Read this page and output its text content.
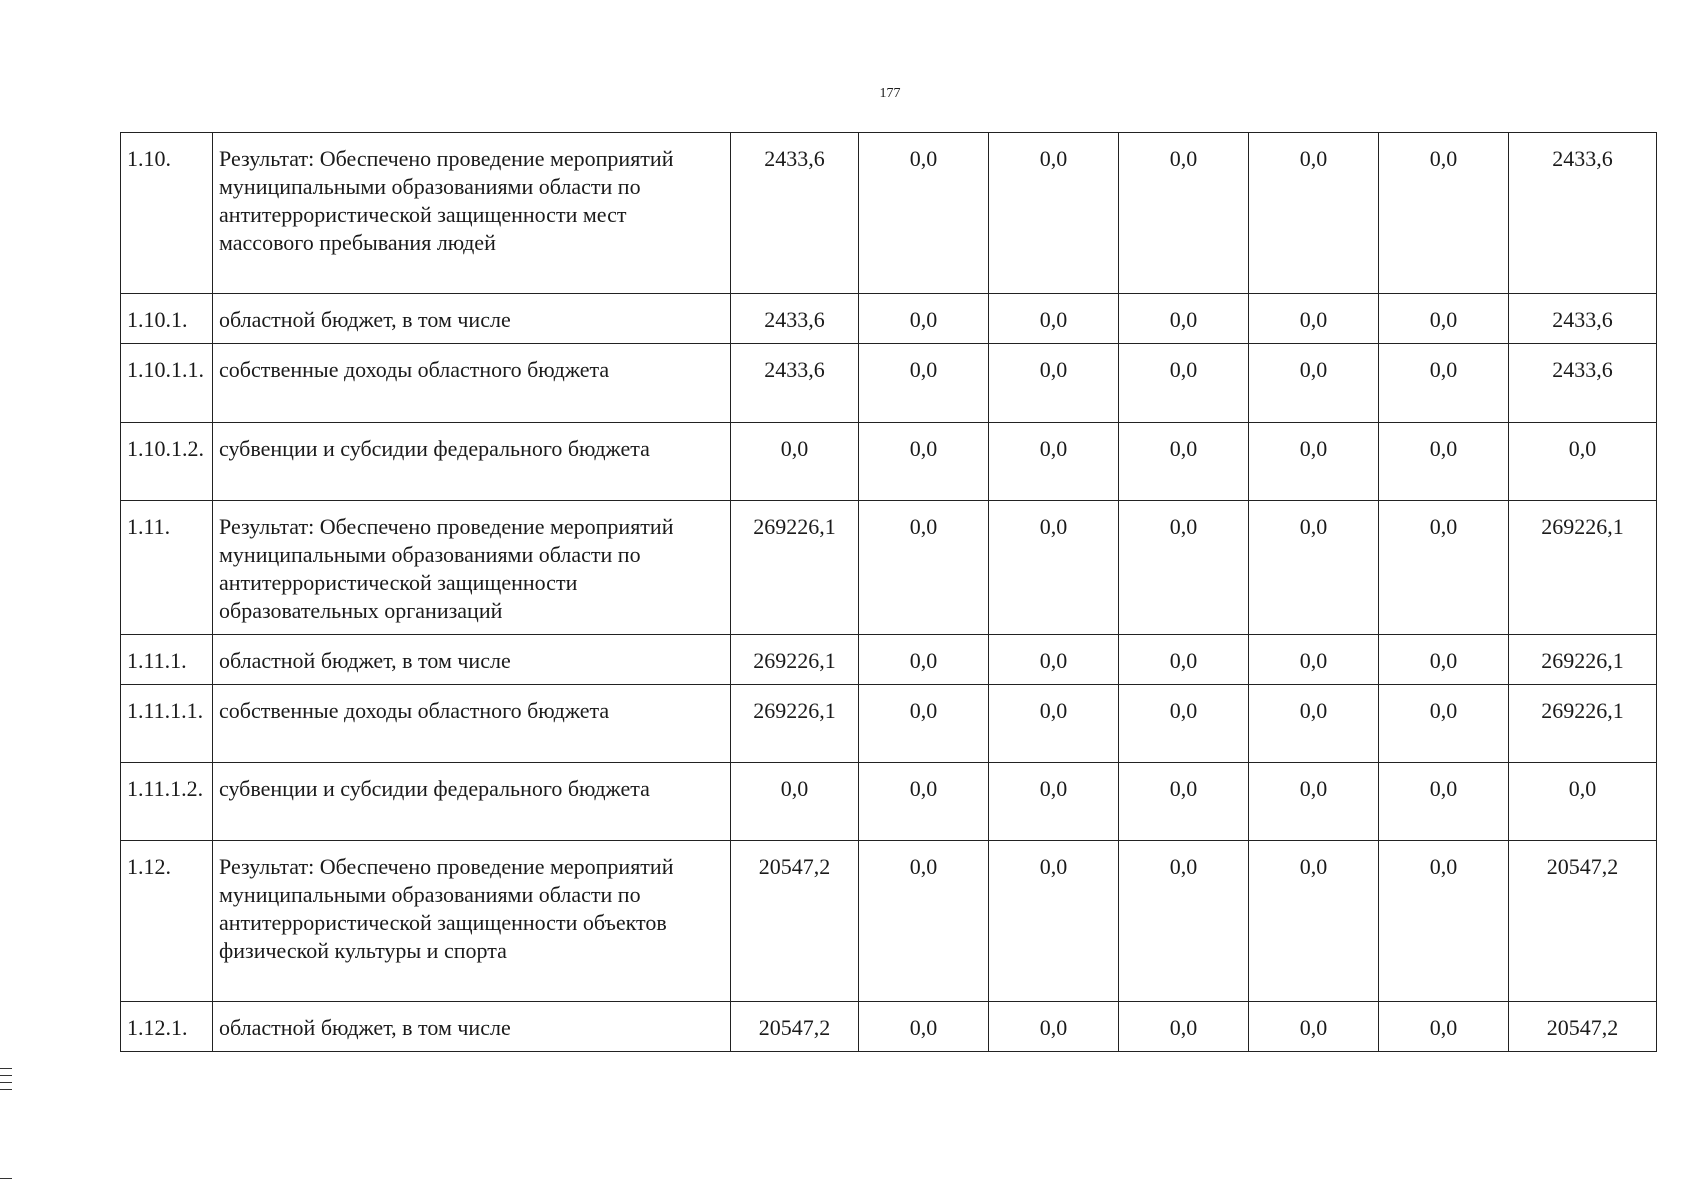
177
1.10.	Результат: Обеспечено проведение мероприятий муниципальными образованиями области по антитеррористической защищенности мест массового пребывания людей	2433,6	0,0	0,0	0,0	0,0	0,0	2433,6
1.10.1.	областной бюджет, в том числе	2433,6	0,0	0,0	0,0	0,0	0,0	2433,6
1.10.1.1.	собственные доходы областного бюджета	2433,6	0,0	0,0	0,0	0,0	0,0	2433,6
1.10.1.2.	субвенции и субсидии федерального бюджета	0,0	0,0	0,0	0,0	0,0	0,0	0,0
1.11.	Результат: Обеспечено проведение мероприятий муниципальными образованиями области по антитеррористической защищенности образовательных организаций	269226,1	0,0	0,0	0,0	0,0	0,0	269226,1
1.11.1.	областной бюджет, в том числе	269226,1	0,0	0,0	0,0	0,0	0,0	269226,1
1.11.1.1.	собственные доходы областного бюджета	269226,1	0,0	0,0	0,0	0,0	0,0	269226,1
1.11.1.2.	субвенции и субсидии федерального бюджета	0,0	0,0	0,0	0,0	0,0	0,0	0,0
1.12.	Результат: Обеспечено проведение мероприятий муниципальными образованиями области по антитеррористической защищенности объектов физической культуры и спорта	20547,2	0,0	0,0	0,0	0,0	0,0	20547,2
1.12.1.	областной бюджет, в том числе	20547,2	0,0	0,0	0,0	0,0	0,0	20547,2
